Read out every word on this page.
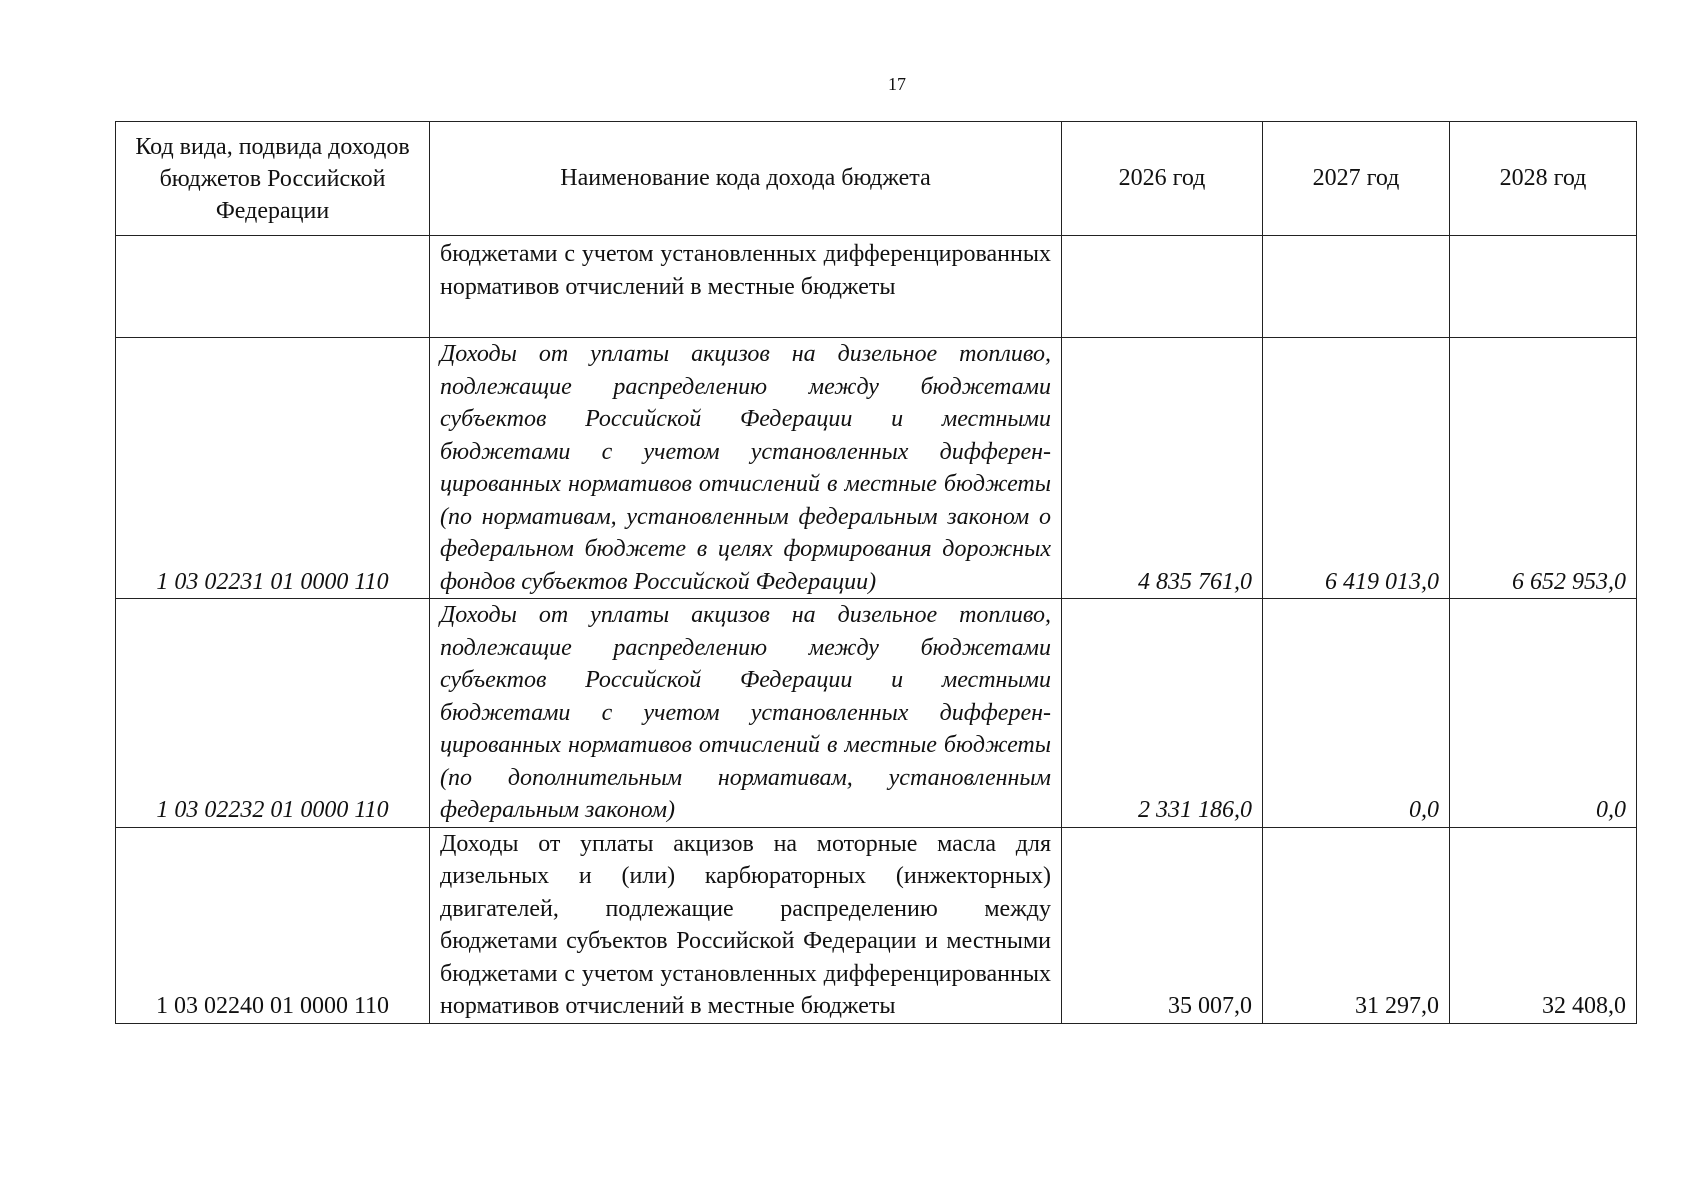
17
Код вида, подвида доходов бюджетов Российской Федерации	Наименование кода дохода бюджета	2026 год	2027 год	2028 год
	бюджетами с учетом установленных дифференцированных нормативов отчислений в местные бюджеты			
1 03 02231 01 0000 110	Доходы от уплаты акцизов на дизельное топливо, подлежащие распределению между бюджетами субъектов Российской Федерации и местными бюджетами с учетом установленных дифференцированных нормативов отчислений в местные бюджеты (по нормативам, установленным федеральным законом о федеральном бюджете в целях формирования дорожных фондов субъектов Российской Федерации)	4 835 761,0	6 419 013,0	6 652 953,0
1 03 02232 01 0000 110	Доходы от уплаты акцизов на дизельное топливо, подлежащие распределению между бюджетами субъектов Российской Федерации и местными бюджетами с учетом установленных дифференцированных нормативов отчислений в местные бюджеты (по дополнительным нормативам, установленным федеральным законом)	2 331 186,0	0,0	0,0
1 03 02240 01 0000 110	Доходы от уплаты акцизов на моторные масла для дизельных и (или) карбюраторных (инжекторных) двигателей, подлежащие распределению между бюджетами субъектов Российской Федерации и местными бюджетами с учетом установленных дифференцированных нормативов отчислений в местные бюджеты	35 007,0	31 297,0	32 408,0
